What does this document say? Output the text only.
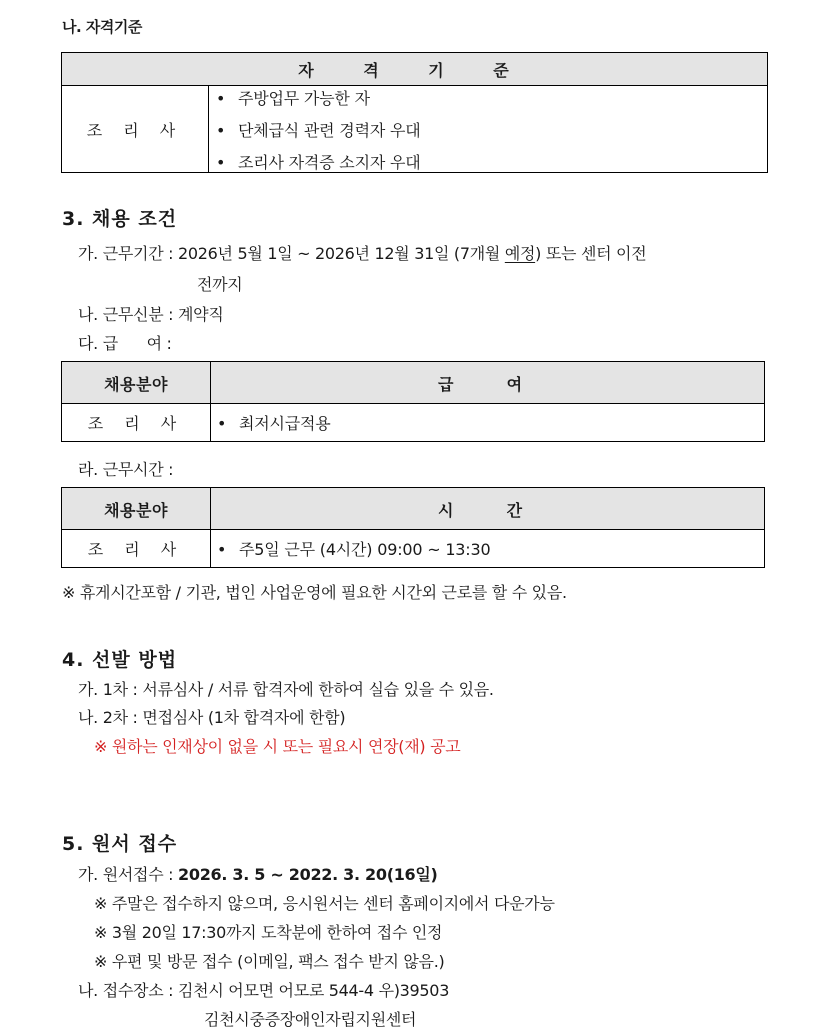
나. 자격기준
자 격 기 준
조 리 사
• 주방업무 가능한 자
• 단체급식 관련 경력자 우대
• 조리사 자격증 소지자 우대
3. 채용 조건
가. 근무기간 : 2026년 5월 1일 ~ 2026년 12월 31일 (7개월 예정) 또는 센터 이전
전까지
나. 근무신분 : 계약직
다. 급      여 :
채용분야	급  여
조 리 사 • 최저시급적용
라. 근무시간 :
채용분야	시  간
조 리 사 • 주5일 근무 (4시간) 09:00 ~ 13:30
※ 휴게시간포함 / 기관, 법인 사업운영에 필요한 시간외 근로를 할 수 있음.
4. 선발 방법
가. 1차 : 서류심사 / 서류 합격자에 한하여 실습 있을 수 있음.
나. 2차 : 면접심사 (1차 합격자에 한함)
※ 원하는 인재상이 없을 시 또는 필요시 연장(재) 공고
5. 원서 접수
가. 원서접수 : 2026. 3. 5 ~ 2022. 3. 20(16일)
※ 주말은 접수하지 않으며, 응시원서는 센터 홈페이지에서 다운가능
※ 3월 20일 17:30까지 도착분에 한하여 접수 인정
※ 우편 및 방문 접수 (이메일, 팩스 접수 받지 않음.)
나. 접수장소 : 김천시 어모면 어모로 544-4 우)39503
김천시중증장애인자립지원센터
